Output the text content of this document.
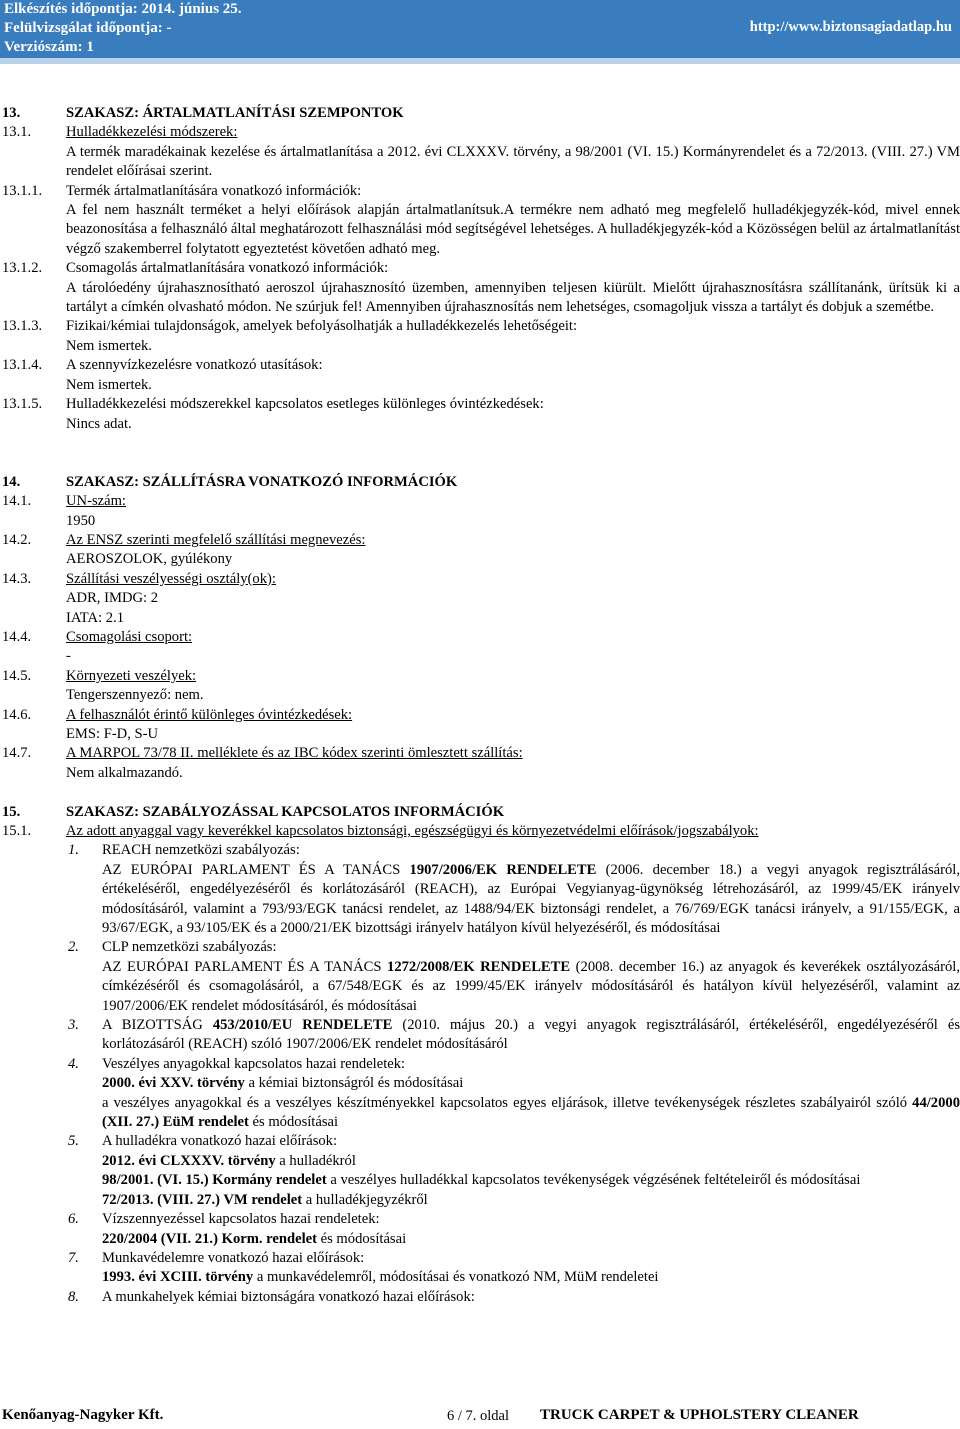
Elkészítés időpontja: 2014. június 25.
Felülvizsgálat időpontja: -
Verziószám: 1
http://www.biztonsagiadatlap.hu
13.	SZAKASZ: ÁRTALMATLANÍTÁSI SZEMPONTOK
13.1. Hulladékkezelési módszerek:
A termék maradékainak kezelése és ártalmatlanítása a 2012. évi CLXXXV. törvény, a 98/2001 (VI. 15.) Kormányrendelet és a 72/2013. (VIII. 27.) VM rendelet előírásai szerint.
13.1.1. Termék ártalmatlanítására vonatkozó információk:
A fel nem használt terméket a helyi előírások alapján ártalmatlanítsuk.A termékre nem adható meg megfelelő hulladékjegyzék-kód, mivel ennek beazonosítása a felhasználó által meghatározott felhasználási mód segítségével lehetséges. A hulladékjegyzék-kód a Közösségen belül az ártalmatlanítást végző szakemberrel folytatott egyeztetést követően adható meg.
13.1.2. Csomagolás ártalmatlanítására vonatkozó információk:
A tárolóedény újrahasznosítható aeroszol újrahasznosító üzemben, amennyiben teljesen kiürült. Mielőtt újrahasznosításra szállítanánk, ürítsük ki a tartályt a címkén olvasható módon. Ne szúrjuk fel! Amennyiben újrahasznosítás nem lehetséges, csomagoljuk vissza a tartályt és dobjuk a szemétbe.
13.1.3. Fizikai/kémiai tulajdonságok, amelyek befolyásolhatják a hulladékkezelés lehetőségeit:
Nem ismertek.
13.1.4. A szennyvízkezelésre vonatkozó utasítások:
Nem ismertek.
13.1.5. Hulladékkezelési módszerekkel kapcsolatos esetleges különleges óvintézkedések:
Nincs adat.
14.	SZAKASZ: SZÁLLÍTÁSRA VONATKOZÓ INFORMÁCIÓK
14.1. UN-szám:
1950
14.2. Az ENSZ szerinti megfelelő szállítási megnevezés:
AEROSZOLOK, gyúlékony
14.3. Szállítási veszélyességi osztály(ok):
ADR, IMDG: 2
IATA: 2.1
14.4. Csomagolási csoport:
-
14.5. Környezeti veszélyek:
Tengerszennyező: nem.
14.6. A felhasználót érintő különleges óvintézkedések:
EMS: F-D, S-U
14.7. A MARPOL 73/78 II. melléklete és az IBC kódex szerinti ömlesztett szállítás:
Nem alkalmazandó.
15.	SZAKASZ: SZABÁLYOZÁSSAL KAPCSOLATOS INFORMÁCIÓK
15.1. Az adott anyaggal vagy keverékkel kapcsolatos biztonsági, egészségügyi és környezetvédelmi előírások/jogszabályok:
1. REACH nemzetközi szabályozás:
AZ EURÓPAI PARLAMENT ÉS A TANÁCS 1907/2006/EK RENDELETE (2006. december 18.) a vegyi anyagok regisztrálásáról, értékeléséről, engedélyezéséről és korlátozásáról (REACH), az Európai Vegyianyag-ügynökség létrehozásáról, az 1999/45/EK irányelv módosításáról, valamint a 793/93/EGK tanácsi rendelet, az 1488/94/EK biztonsági rendelet, a 76/769/EGK tanácsi irányelv, a 91/155/EGK, a 93/67/EGK, a 93/105/EK és a 2000/21/EK bizottsági irányelv hatályon kívül helyezéséről, és módosításai
2. CLP nemzetközi szabályozás:
AZ EURÓPAI PARLAMENT ÉS A TANÁCS 1272/2008/EK RENDELETE (2008. december 16.) az anyagok és keverékek osztályozásáról, címkézéséről és csomagolásáról, a 67/548/EGK és az 1999/45/EK irányelv módosításáról és hatályon kívül helyezéséről, valamint az 1907/2006/EK rendelet módosításáról, és módosításai
3. A BIZOTTSÁG 453/2010/EU RENDELETE (2010. május 20.) a vegyi anyagok regisztrálásáról, értékeléséről, engedélyezéséről és korlátozásáról (REACH) szóló 1907/2006/EK rendelet módosításáról
4. Veszélyes anyagokkal kapcsolatos hazai rendeletek:
2000. évi XXV. törvény a kémiai biztonságról és módosításai
a veszélyes anyagokkal és a veszélyes készítményekkel kapcsolatos egyes eljárások, illetve tevékenységek részletes szabályairól szóló 44/2000 (XII. 27.) EüM rendelet és módosításai
5. A hulladékra vonatkozó hazai előírások:
2012. évi CLXXXV. törvény a hulladékról
98/2001. (VI. 15.) Kormány rendelet a veszélyes hulladékkal kapcsolatos tevékenységek végzésének feltételeiről és módosításai
72/2013. (VIII. 27.) VM rendelet a hulladékjegyzékről
6. Vízszennyezéssel kapcsolatos hazai rendeletek:
220/2004 (VII. 21.) Korm. rendelet és módosításai
7. Munkavédelemre vonatkozó hazai előírások:
1993. évi XCIII. törvény a munkavédelemről, módosításai és vonatkozó NM, MüM rendeletei
8. A munkahelyek kémiai biztonságára vonatkozó hazai előírások:
Kenőanyag-Nagyker Kft.	6 / 7. oldal TRUCK CARPET & UPHOLSTERY CLEANER
